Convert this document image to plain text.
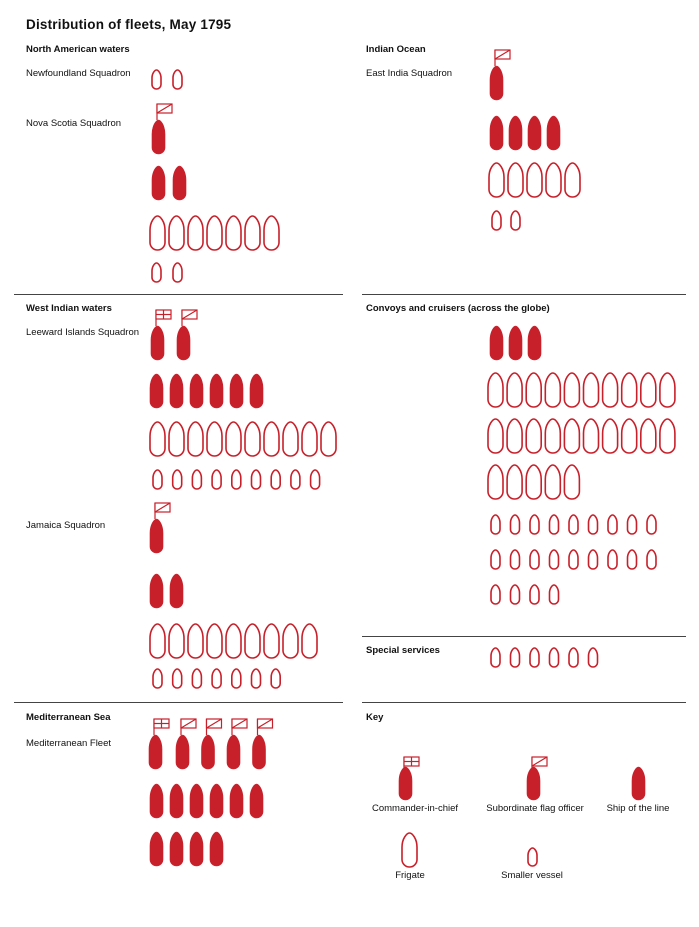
Distribution of fleets, May 1795
North American waters
Newfoundland Squadron
Nova Scotia Squadron
Indian Ocean
East India Squadron
West Indian waters
Leeward Islands Squadron
Jamaica Squadron
Convoys and cruisers (across the globe)
Special services
Mediterranean Sea
Mediterranean Fleet
Key
Commander-in-chief	Subordinate flag officer	Ship of the line
Frigate	Smaller vessel
